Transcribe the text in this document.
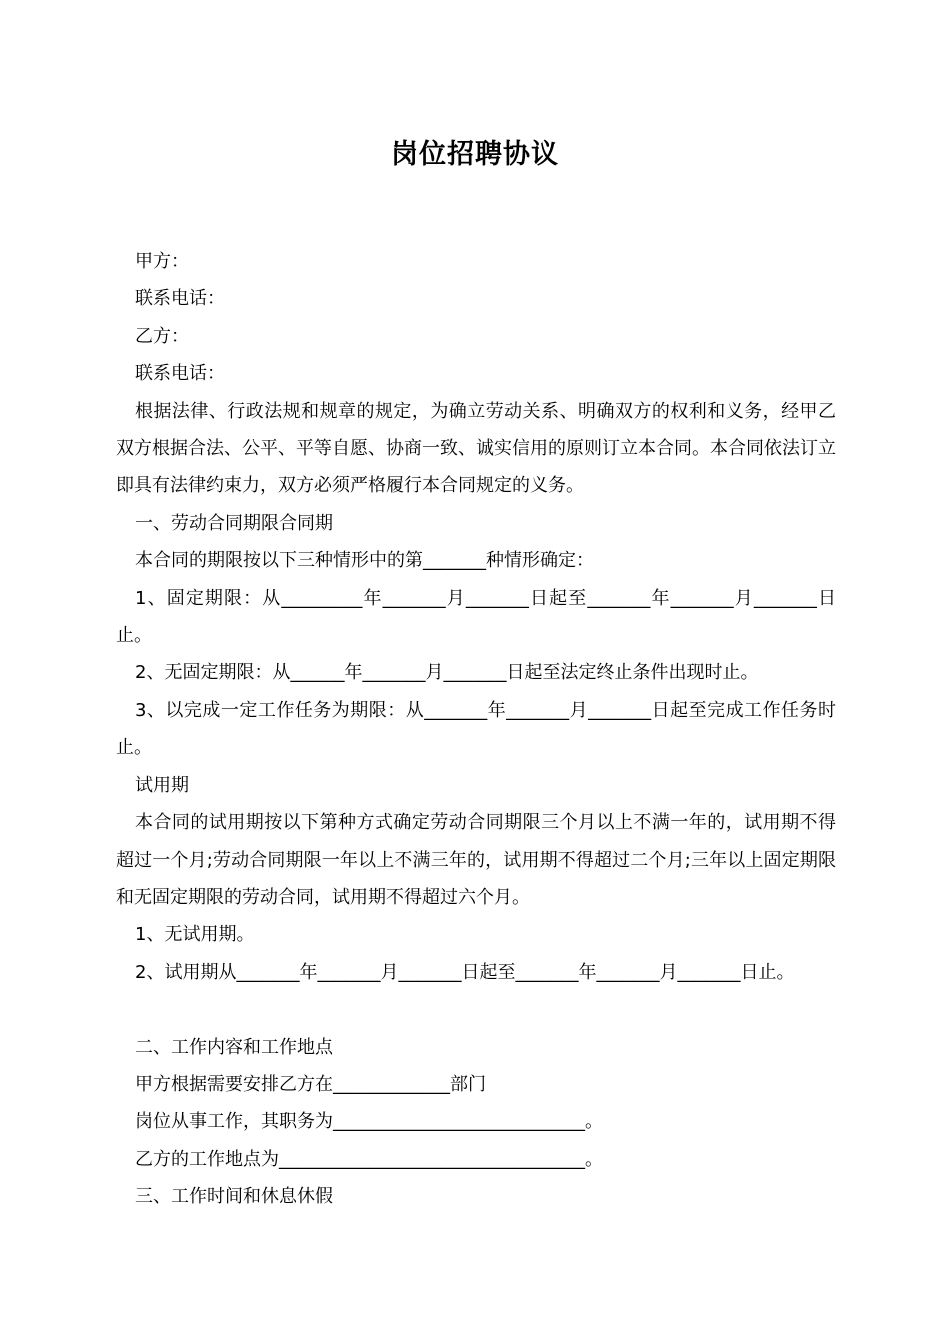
岗位招聘协议

甲方：

联系电话：

乙方：

联系电话：

根据法律、行政法规和规章的规定，为确立劳动关系、明确双方的权利和义务，经甲乙双方根据合法、公平、平等自愿、协商一致、诚实信用的原则订立本合同。本合同依法订立即具有法律约束力，双方必须严格履行本合同规定的义务。

一、劳动合同期限合同期

本合同的期限按以下三种情形中的第_______种情形确定：

1、固定期限：从_________年_______月_______日起至_______年_______月_______日止。

2、无固定期限：从______年_______月_______日起至法定终止条件出现时止。

3、以完成一定工作任务为期限：从_______年_______月_______日起至完成工作任务时止。

试用期

本合同的试用期按以下第种方式确定劳动合同期限三个月以上不满一年的，试用期不得超过一个月;劳动合同期限一年以上不满三年的，试用期不得超过二个月;三年以上固定期限和无固定期限的劳动合同，试用期不得超过六个月。

1、无试用期。

2、试用期从_______年_______月_______日起至_______年_______月_______日止。

二、工作内容和工作地点

甲方根据需要安排乙方在_____________部门

岗位从事工作，其职务为____________________________。

乙方的工作地点为__________________________________。

三、工作时间和休息休假
